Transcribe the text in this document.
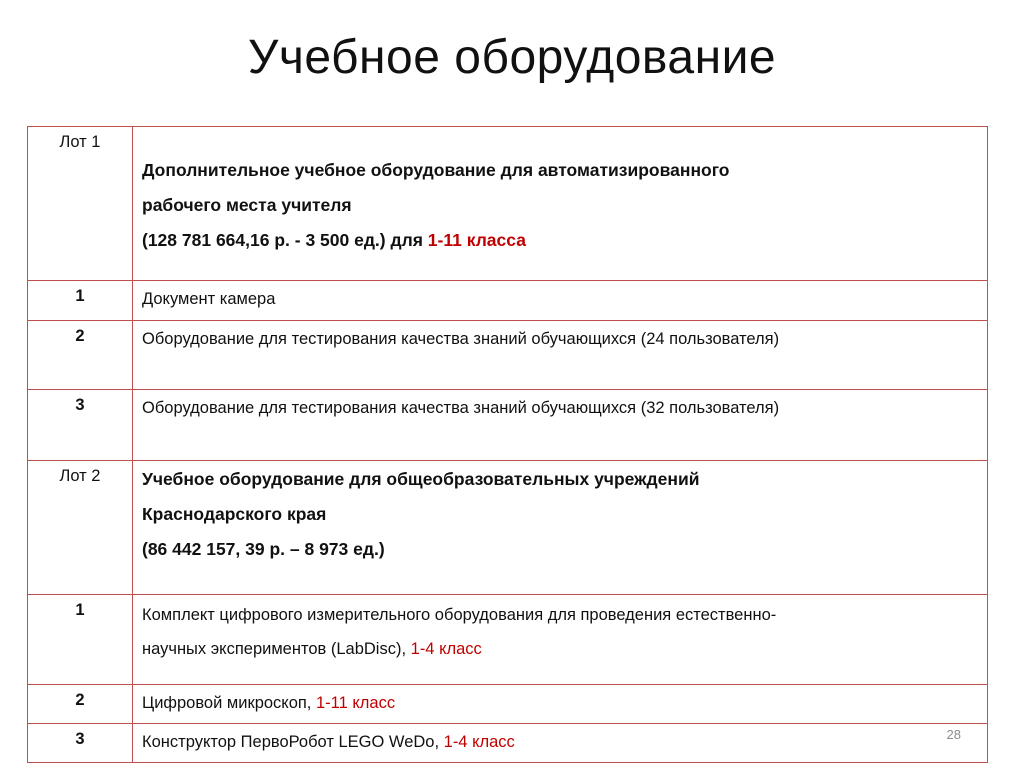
Учебное оборудование
Лот 1	Дополнительное учебное оборудование для автоматизированного
рабочего места учителя
(128 781 664,16 р. - 3 500 ед.) для 1-11 класса

1	Документ камера
2	Оборудование для тестирования качества знаний обучающихся (24 пользователя)
3	Оборудование для тестирования качества знаний обучающихся (32 пользователя)
Лот 2	Учебное оборудование для общеобразовательных учреждений
Краснодарского края
(86 442 157, 39 р. – 8 973 ед.)

1	Комплект цифрового измерительного оборудования для проведения естественно-
научных экспериментов (LabDisc), 1-4 класс

2	Цифровой микроскоп, 1-11 класс
3	Конструктор ПервоРобот LEGO WeDo, 1-4 класс	28
